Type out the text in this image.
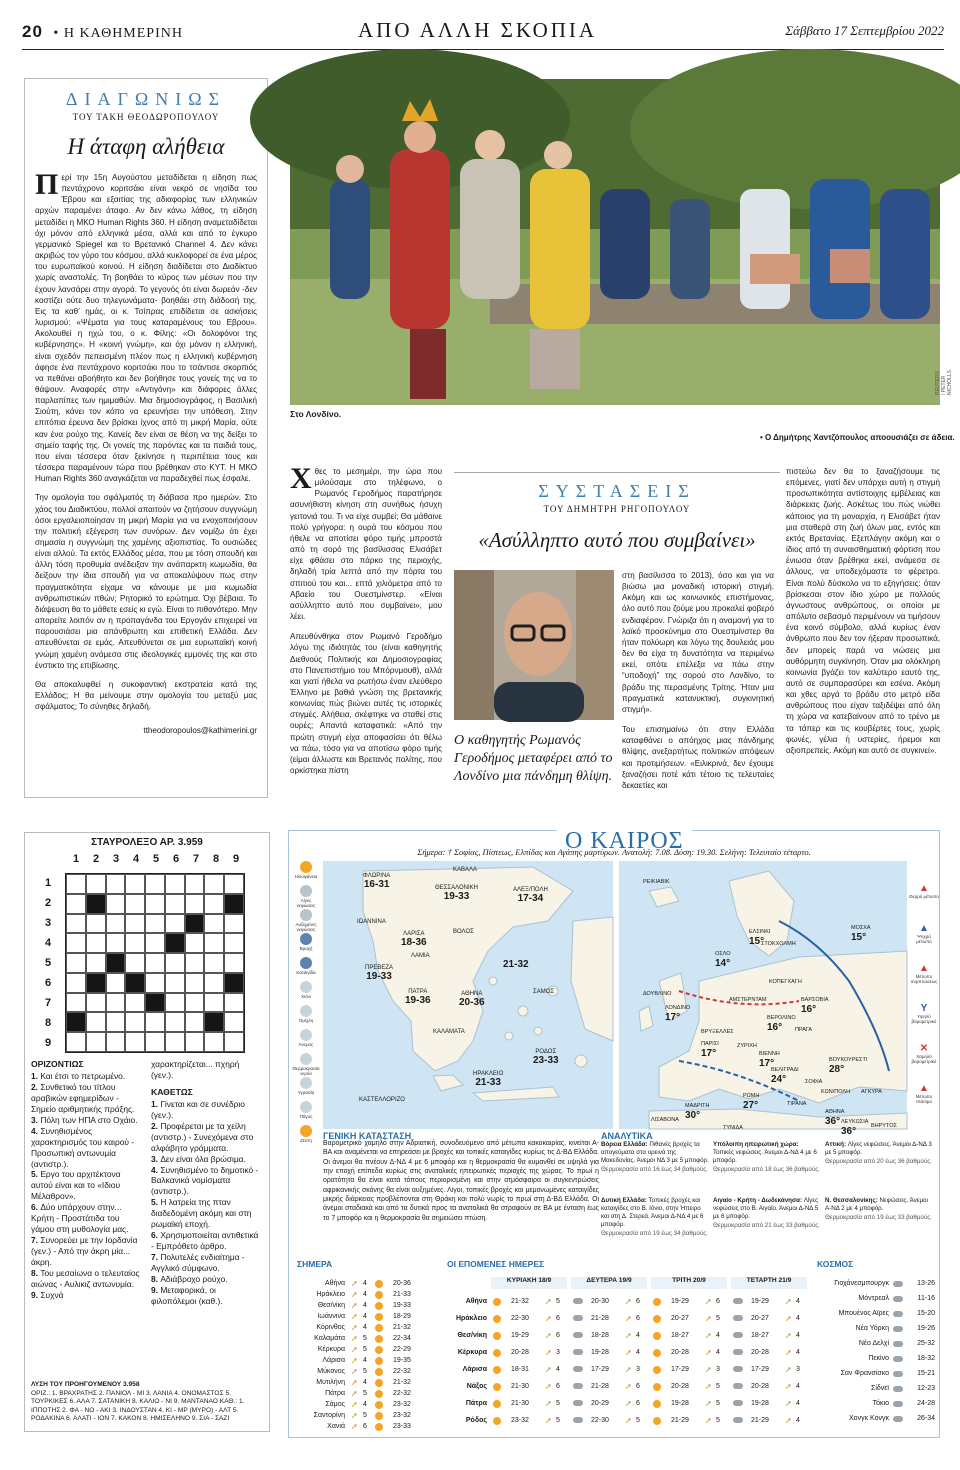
20 • Η ΚΑΘΗΜΕΡΙΝΗ	ΑΠΟ ΑΛΛΗ ΣΚΟΠΙΑ	Σάββατο 17 Σεπτεμβρίου 2022
ΔΙΑΓΩΝΙΩΣ
ΤΟΥ ΤΑΚΗ ΘΕΟΔΩΡΟΠΟΥΛΟΥ
Η άταφη αλήθεια

Περί την 15η Αυγούστου μεταδίδεται η είδηση πως πεντάχρονο κοριτσάκι είναι νεκρό σε νησίδα του Έβρου και εξαιτίας της αδιαφορίας των ελληνικών αρχών παραμένει άταφο. Αν δεν κάνω λάθος, τη είδηση μεταδίδει η ΜΚΟ Human Rights 360. Η είδηση αναμεταδίδεται όχι μόνον από ελληνικά μέσα, αλλά και από το έγκυρο γερμανικό Spiegel και το Βρετανικό Channel 4. Δεν κάνει ακριβώς τον γύρο του κόσμου, αλλά κυκλοφορεί σε ένα μέρος του ευρωπαϊκού κοινού. Η είδηση διαδίδεται στο Διαδίκτυο χωρίς αναστολές. Τη βοηθάει το κύρος των μέσων που την έχουν λανσάρει στην αγορά. Το γεγονός ότι είναι δωρεάν -δεν κοστίζει ούτε δυο τηλεγωνάματα- βοηθάει στη διάδοσή της. Εις τα καθ’ ημάς, οι κ. Τσίπρας επιδίδεται σε ασκήσεις λυρισμού: «Ψέματα για τους καταραμένους του Εβρου». Ακολουθεί η ηχώ του, ο κ. Φίλης: «Οι δολοφόνοι της κυβέρνησης». Η «κοινή γνώμη», και όχι μόνον η ελληνική, είναι σχεδόν πεπεισμένη πλέον πως η ελληνική κυβέρνηση άφησε ένα πεντάχρονο κοριτσάκι που το τσάντισε σκορπιός να πεθάνει αβοήθητο και δεν βοήθησε τους γονείς της να το θάψουν. Αναφορές στην «Αντιγόνη» και διάφορες άλλες παρλαπίπες των ημιμαθών. Μια δημοσιογράφος, η Βασιλική Σιούτη, κάνει τον κόπο να ερευνήσει την υπόθεση. Στην επιτόπια έρευνα δεν βρίσκει ίχνος από τη μικρή Μαρία, ούτε καν ένα ρούχο της. Κανείς δεν είναι σε θέση να της δείξει το σημείο ταφής της. Οι γονείς της παρόντες και τα παιδιά τους, που είναι τέσσερα όταν ξεκίνησε η περιπέτεια τους και τέσσερα παραμένουν τώρα που βρέθηκαν στο ΚΥΤ. Η ΜΚΟ Human Rights 360 αναγκάζεται να παραδεχθεί πως έσφαλε.

Την ομολογία του σφάλματός τη διάβασα προ ημερών. Στο χάος του Διαδικτύου, πολλοί απαιτούν να ζητήσουν συγγνώμη όσοι εργαλειοποίησαν τη μικρή Μαρία για να ενοχοποιήσουν την πολιτική εξέγερση των συνόρων. Δεν νομίζω ότι έχει σημασία η συγγνώμη της χαμένης αξιοπιστίας. Το ουσιώδες είναι αλλού. Τα εκτός Ελλάδος μέσα, που με τόση σπουδή και άλλη τόση προθυμία ανέδειξαν την ανάπαρκτη κωμωδία, θα δείξουν την ίδια σπουδή για να αποκαλύψουν πως στην πραγματικότητα είχαμε να κάνουμε με μια κωμωδία ανθρωπιστικών πθών; Ρητορικό το ερώτημα. Όχι βέβαια. Το διάψευση θα το μάθετε εσείς κι εγώ. Είναι το πιθανότερο. Μην απορείτε λοιπόν αν η προπαγάνδα του Εργογάν επιχειρεί να παρουσιάσει μια απάνθρωπη και επιθετική Ελλάδα. Δεν απευθύνεται σε εμάς. Απευθύνεται σε μια ευρωπαϊκή κοινή γνώμη χαμένη ανάμεσα στις ιδεολογικές εμμονές της και στο ένστικτο της επιβίωσης.

Θα αποκαλυφθεί η συκοφαντική εκστρατεία κατά της Ελλάδος; Η θα μείνουμε στην ομολογία του μεταξύ μας σφάλματος; Το σύνηθες δηλαδή.

ttheodoropoulos@kathimerini.gr
Στο Λονδίνο.
REUTERS / PETER NICHOLLS
• Ο Δημήτρης Χαντζόπουλος αποουσιάζει σε άδεια.

Χθες το μεσημέρι, την ώρα που μιλούσαμε στο τηλέφωνο, ο Ρωμανός Γεροδήμος παρατήρησε ασυνήθιστη κίνηση στη συνήθως ήσυχη γειτονιά του. Τι να είχε συμβεί; Θα μάθαινε πολύ γρήγορα: η ουρά του κόσμου που ήθελε να αποτίσει φόρο τιμής μπροστά από τη σορό της βασίλισσας Ελισάβετ είχε φθάσει στο πάρκο της περιοχής, δηλαδή τρία λεπτά από την πόρτα του σπιτιού του και... επτά χιλιόμετρα από το Αβαείο του Ουεστμίνστερ. «Είναι ασύλληπτο αυτό που συμβαίνει», μου λέει.

Απευθύνθηκα στον Ρωμανό Γεροδήμο λόγω της ιδιότητάς του (είναι καθηγητής Διεθνούς Πολιτικής και Δημοσιογραφίας στο Πανεπιστήμιο του Μπόρνμουθ), αλλά και γιατί ήθελα να ρωτήσω έναν ελεύθερο Έλληνο με βαθιά γνώση της βρετανικής κοινωνίας πώς βιώνει αυτές τις ιστορικές στιγμές. Αλήθεια, σκέφτηκε να σταθεί στις ουρές; Απαντά καταφατικά: «Από την πρώτη στιγμή είχα αποφασίσει ότι θέλω να πάω, τόσο για να αποτίσω φόρο τιμής (είμαι άλλωστε και Βρετανός πολίτης, που ορκίστηκα πίστη

ΣΥΣΤΑΣΕΙΣ
ΤΟΥ ΔΗΜΗΤΡΗ ΡΗΓΟΠΟΥΛΟΥ
«Ασύλληπτο αυτό που συμβαίνει»
Ο καθηγητής Ρωμανός Γεροδήμος μεταφέρει από το Λονδίνο μια πάνδημη θλίψη.

στη βασίλισσα το 2013), όσο και για να βιώσω μια μοναδική ιστορική στιγμή. Ακόμη και ως κοινωνικός επιστήμονας, όλο αυτό που ζούμε μου προκαλεί φοβερό ενδιαφέρον. Γνώριζα ότι η αναμονή για το λαϊκό προσκύνημα στο Ουεστμίνστερ θα ήταν πολύωρη και λόγω της δουλειάς μου δεν θα είχα τη δυνατότητα να περιμένω εκεί, οπότε επέλεξα να πάω στην “υποδοχή” της σορού στο Λονδίνο, το βράδυ της περασμένης Τρίτης. Ήταν μια πραγματικά κατανυκτική, συγκινητική στιγμή».

Του επισημαίνω ότι στην Ελλάδα καταφθάνει ο απόηχος μιας πάνδημης θλίψης, ανεξαρτήτως πολιτικών απόψεων και προτιμήσεων. «Ειλικρινά, δεν έχουμε ξαναζήσει ποτέ κάτι τέτοιο τις τελευταίες δεκαετίες και

πιστεύω δεν θα το ξαναζήσουμε τις επόμενες, γιατί δεν υπάρχει αυτή η στιγμή προσωπικότητα αντίστοιχης εμβέλειας και διάρκειας ζωής. Ασκέτως του πώς νιώθει κάποιος για τη μοναρχία, η Ελισάβετ ήταν μια σταθερά στη ζωή όλων μας, εντός και εκτός Βρετανίας. Εξεπλάγην ακόμη και ο ίδιος από τη συναισθηματική φόρτιση που ένιωσα όταν βρέθηκα εκεί, ανάμεσα σε άλλους, να υποδεχόμαστε το φέρετρο. Είναι πολύ δύσκολο να το εξηγήσεις: όταν βρίσκεσαι στον ίδιο χώρο με πολλούς άγνωστους ανθρώπους, οι οποίοι με απόλυτο σεβασμό περιμένουν να τιμήσουν ένα κοινό σύμβολο, αλλά κυρίως έναν άνθρωπο που δεν τον ήξεραν προσωπικά, δεν μπορείς παρά να νιώσεις μια αυθόρμητη συγκίνηση. Όταν μια ολόκληρη κοινωνία βγάζει τον καλύτερο εαυτό της, αυτό σε συμπαρασύρει και εσένα. Ακόμη και χθες αργά το βράδυ στο μετρό είδα ανθρώπους που είχαν ταξιδέψει από όλη τη χώρα να κατεβαίνουν από το τρένο με τα τάπερ και τις κουβέρτες τους, χωρίς φωνές, γέλια ή υστερίες, ήρεμοι και αξιοπρεπείς. Ακόμη και αυτό σε συγκινεί».

ΣΤΑΥΡΟΛΕΞΟ ΑΡ. 3.959
1 2 3 4 5 6 7 8 9
1
2
3
4
5
6
7
8
9
ΟΡΙΖΟΝΤΙΩΣ
1. Και έτσι το πετρωμένο.
2. Συνθετικό του τίτλου αραβικών εφημερίδων - Σημείο αριθμητικής πράξης.
3. Πόλη των ΗΠΑ στο Οχάιο.
4. Συνηθισμένος χαρακτηρισμός του καιρού - Προσωπική αντωνυμία (αντιστρ.).
5. Εργο του αρχιτέκτονα αυτού είναι και το «Ιδιου Μέλαθρον».
6. Δύο υπάρχουν στην... Κρήτη - Προστάτιδα του γάμου στη μυθολογία μας.
7. Συνορεύει με την Ιορδανία (γεν.) - Από την άκρη μία... άκρη.
8. Του μεσαίωνα ο τελευταίος αιώνας - Αυλικιζ αντωνυμία.
9. Συχνά
χαρακτηρίζεται... πχηρή (γεν.).
ΚΑΘΕΤΩΣ
1. Γίνεται και σε συνέδριο (γεν.).
2. Προφέρεται με τα χείλη (αντιστρ.) - Συνεχόμενα στο αλφάβητο γράμματα.
3. Δεν είναι όλα βρώσιμα.
4. Συνηθισμένο το δημοτικό - Βαλκανικά νομίσματα (αντιστρ.).
5. Η λατρεία της πταν διαδεδομένη ακόμη και στη ρωμαϊκή εποχή.
6. Χρησιμοποιείται αντιθετικά - Εμπρόθετο άρθρο.
7. Πολυτελές ενδιαίτημα - Αγγλικό σύμφωνο.
8. Αδιάβροχο ρούχο.
9. Μεταφορικά, οι φιλοπόλεμοι (καθ.).
ΛΥΣΗ ΤΟΥ ΠΡΟΗΓΟΥΜΕΝΟΥ 3.958
ΟΡΙΖ.: 1. ΒΡΑΧΡΑΤΗΣ 2. ΠΑΝΙΟΛ - ΜΙ 3. ΛΑΝΙΑ 4. ΟΝΟΜΑΣΤΟΣ 5. ΤΟΥΡΚΙΚΕΣ 6. ΑΛΑ 7. ΣΑΤΑΝΙΚΗ 8. ΚΑΛΙΟ - ΝΙ 9. ΜΑΝΤΑΝΑΟ ΚΑΘ.: 1. ΙΠΠΟΤΗΣ 2. ΦΑ - ΝΟ - ΑΚΙ 3. ΙΝΔΟΥΣΤΑΝ 4. ΚΙ - ΜΡ (ΜΥΡΟ) - ΑΛΤ 5. ΡΟΔΑΚΙΝΑ 6. ΑΛΑΤΙ - ΙΟΝ 7. ΚΑΚΟΝ 8. ΗΜΙΣΕΛΗΝΟ 9. ΣΙΑ - ΣΑΖΙ
Ο ΚΑΙΡΟΣ
Σήμερα: † Σοφίας, Πίστεως, Ελπίδας και Αγάπης μαρτύρων. Ανατολή: 7.08. Δύση: 19.30. Σελήνη: Τελευταίο τέταρτο.
Ηλιοφάνεια
Λίγες νεφώσεις
Αυξημένες νεφώσεις
Βροχή
Καταιγίδα
Χιόνι
Ομίχλη
Άνεμος
Θερμοκρασία νερού
Υγρασία
Πάγος
Ζέστη
▲
Θερμό μέτωπο
▲
Ψυχρό μέτωπο
▲
Μέτωπο συμπτώσεως
Y
Υψηλό βαρομετρικό
✕
Χαμηλό βαρομετρικό
▲
Μέτωπο στάσιμο
ΦΛΩΡΙΝΑ
16-31
ΚΑΒΑΛΑ
ΘΕΣΣΑΛΟΝΙΚΗ
19-33
ΑΛΕΞ/ΠΟΛΗ
17-34
ΙΩΑΝΝΙΝΑ
ΛΑΡΙΣΑ
18-36
ΒΟΛΟΣ
ΛΑΜΙΑ
ΠΡΕΒΕΖΑ
19-33
ΠΑΤΡΑ
19-36
ΑΘΗΝΑ
20-36
ΣΑΜΟΣ
ΚΑΛΑΜΑΤΑ
ΡΟΔΟΣ
23-33
ΗΡΑΚΛΕΙΟ
21-33
ΚΑΣΤΕΛΛΟΡΙΖΟ
21-32
ΡΕΙΚΙΑΒΙΚ
ΕΛΣΙΝΚΙ
15°
ΣΤΟΚΧΟΛΜΗ
ΟΣΛΟ
14°
ΜΟΣΧΑ
15°
ΚΟΠΕΓΧΑΓΗ
ΔΟΥΒΛΙΝΟ
ΑΜΣΤΕΡΝΤΑΜ	ΒΑΡΣΟΒΙΑ
16°
ΛΟΝΔΙΝΟ
17°	ΒΕΡΟΛΙΝΟ
16°
ΒΡΥΞΕΛΛΕΣ	ΠΡΑΓΑ
ΠΑΡΙΣΙ
17°
ΖΥΡΙΧΗ
ΒΙΕΝΝΗ
17°	ΒΟΥΚΟΥΡΕΣΤΙ
28°
ΒΕΛΙΓΡΑΔΙ
24°	ΣΟΦΙΑ
ΚΩΝ/ΠΟΛΗ ΑΓΚΥΡΑ
ΜΑΔΡΙΤΗ
30°
ΡΩΜΗ
27°	ΤΙΡΑΝΑ
ΛΙΣΑΒΟΝΑ
ΤΥΝΙΔΑ
ΑΘΗΝΑ
36° ΛΕΥΚΩΣΙΑ
36°	ΒΗΡΥΤΟΣ
ΓΕΝΙΚΗ ΚΑΤΑΣΤΑΣΗ
Βαρομετρικό χαμηλό στην Αδριατική, συνοδευόμενο από μέτωπα κακοκαιρίας, κινείται Α-ΒΑ και αναμένεται να επηρεάσει με βροχές και τοπικές καταιγίδες κυρίως τις Δ-ΒΔ Ελλάδα. Οι άνεμοι θα πνέουν Δ-ΝΔ 4 με 6 μποφόρ και η θερμοκρασία θα κυμανθεί σε υψηλά για την εποχή επίπεδα κυρίως στις ανατολικές ηπειρωτικές περιοχές της χώρας. Το πρωί η ορατότητα θα είναι κατά τόπους περιορισμένη και στην ατμόσφαιρα οι συγκεντρώσεις αφρικανικής σκόνης θα είναι αυξημένες. Λίγοι, τοπικές βροχές και μεμονωμένες καταιγίδες μικρής διάρκειας προβλέπονται στη Θράκη και πολύ νωρίς το πρωί στη Δ-ΒΔ Ελλάδα. Οι άνεμοι σταδιακά και από τα δυτικά προς τα ανατολικά θα στραφούν σε ΒΑ με ένταση έως το 7 μποφόρ και η θερμοκρασία θα σημειώσει πτώση.
ΑΝΑΛΥΤΙΚΑ
Βόρεια Ελλάδα: Πιθανές βροχές τα απογεύματα στα ορεινά της Μακεδονίας. Άνεμοι ΝΔ 3 με 5 μποφόρ.
Θερμοκρασία από 16 έως 34 βαθμούς.
Υπόλοιπη ηπειρωτική χώρα: Τοπικές νεφώσεις. Άνεμοι Δ-ΝΔ 4 με 6 μποφόρ.
Θερμοκρασία από 18 έως 36 βαθμούς.
Αττική: Λίγες νεφώσεις. Άνεμοι Δ-ΝΔ 3 με 5 μποφόρ.
Θερμοκρασία από 20 έως 36 βαθμούς.
Δυτική Ελλάδα: Τοπικές βροχές και καταιγίδες στο Β. Ιόνιο, στην Ήπειρο και στη Δ. Στερεά. Άνεμοι Δ-ΝΔ 4 με 6 μποφόρ.
Θερμοκρασία από 19 έως 34 βαθμούς.
Αιγαίο - Κρήτη - Δωδεκάνησα: Λίγες νεφώσεις στο Β. Αιγαίο. Άνεμοι Δ-ΝΔ 5 με 6 μποφόρ.
Θερμοκρασία από 21 έως 33 βαθμούς.
Ν. Θεσσαλονίκης: Νεφώσεις. Άνεμοι Α-ΝΔ 2 με 4 μποφόρ.
Θερμοκρασία από 19 έως 33 βαθμούς.
ΣΗΜΕΡΑ	ΟΙ ΕΠΟΜΕΝΕΣ ΗΜΕΡΕΣ	ΚΟΣΜΟΣ
ΚΥΡΙΑΚΗ 18/9	ΔΕΥΤΕΡΑ 19/9	ΤΡΙΤΗ 20/9	ΤΕΤΑΡΤΗ 21/9
Αθήνα ➚ 4	20-36
Ηράκλειο ➚ 4	21-33
Θεσ/νίκη ➚ 4	19-33
Ιωάννινα ➚ 4	18-29
Κόρινθος ➚ 4	21-32
Καλαμάτα ➚ 5	22-34
Κέρκυρα ➚ 5	22-29
Λάρισα ➚ 4	19-35
Μύκονος ➚ 5	22-32
Μυτιλήνη ➚ 4	21-32
Πάτρα ➚ 5	22-32
Σάμος ➚ 4	23-32
Σαντορίνη ➚ 5	23-32
Χανιά ➚ 6	23-33
Αθήνα	21-32 ➚ 5	20-30 ➚ 6	19-29 ➚ 6	19-29 ➚ 4
Ηράκλειο	22-30 ➚ 6	21-28 ➚ 6	20-27 ➚ 5	20-27 ➚ 4
Θεσ/νίκη	19-29 ➚ 6	18-28 ➚ 4	18-27 ➚ 4	18-27 ➚ 4
Κέρκυρα	20-28 ➚ 3	19-28 ➚ 4	20-28 ➚ 4	20-28 ➚ 4
Λάρισα	18-31 ➚ 4	17-29 ➚ 3	17-29 ➚ 3	17-29 ➚ 3
Νάξος	21-30 ➚ 6	21-28 ➚ 6	20-28 ➚ 5	20-28 ➚ 4
Πάτρα	21-30 ➚ 5	20-29 ➚ 6	19-28 ➚ 5	19-28 ➚ 4
Ρόδος	23-32 ➚ 5	22-30 ➚ 5	21-29 ➚ 5	21-29 ➚ 4
Γιοχάνεσμπουργκ	13-26
Μόντρεαλ	11-16
Μπουένος Αϊρες	15-20
Νέα Υόρκη	19-26
Νέο Δελχί	25-32
Πεκίνο	18-32
Σαν Φρανσίσκο	15-21
Σίδνεϊ	12-23
Τόκιο	24-28
Χονγκ Κονγκ	26-34
